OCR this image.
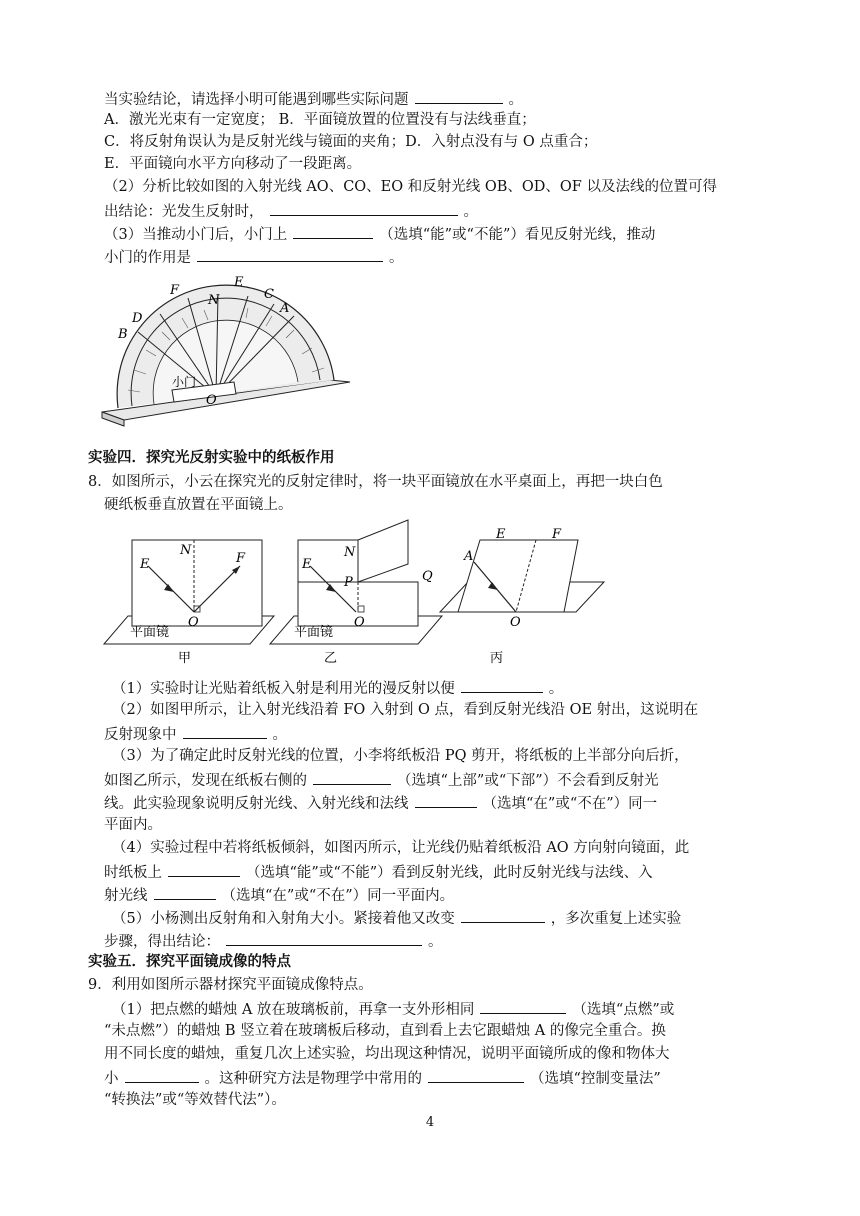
当实验结论，请选择小明可能遇到哪些实际问题	。
A．激光光束有一定宽度； B．平面镜放置的位置没有与法线垂直；
C．将反射角误认为是反射光线与镜面的夹角；D．入射点没有与 O 点重合；
E．平面镜向水平方向移动了一段距离。
（2）分析比较如图的入射光线 AO、CO、EO 和反射光线 OB、OD、OF 以及法线的位置可得
出结论：光发生反射时，	。
（3）当推动小门后，小门上	（选填“能”或“不能”）看见反射光线，推动
小门的作用是	。
F
E
N	C
A
D
B
小门
O
实验四．探究光反射实验中的纸板作用
8．如图所示，小云在探究光的反射定律时，将一块平面镜放在水平桌面上，再把一块白色
硬纸板垂直放置在平面镜上。
E
N
F
O
平面镜
甲
E
N
P	Q
O
平面镜
乙
E	F
A
O
丙
（1）实验时让光贴着纸板入射是利用光的漫反射以便	。
（2）如图甲所示，让入射光线沿着 FO 入射到 O 点，看到反射光线沿 OE 射出，这说明在
反射现象中	。
（3）为了确定此时反射光线的位置，小李将纸板沿 PQ 剪开，将纸板的上半部分向后折，
如图乙所示，发现在纸板右侧的	（选填“上部”或“下部”）不会看到反射光
线。此实验现象说明反射光线、入射光线和法线	（选填“在”或“不在”）同一
平面内。
（4）实验过程中若将纸板倾斜，如图丙所示，让光线仍贴着纸板沿 AO 方向射向镜面，此
时纸板上	（选填“能”或“不能”）看到反射光线，此时反射光线与法线、入
射光线	（选填“在”或“不在”）同一平面内。
（5）小杨测出反射角和入射角大小。紧接着他又改变	，多次重复上述实验
步骤，得出结论：	。
实验五．探究平面镜成像的特点
9．利用如图所示器材探究平面镜成像特点。
（1）把点燃的蜡烛 A 放在玻璃板前，再拿一支外形相同	（选填“点燃”或
“未点燃”）的蜡烛 B 竖立着在玻璃板后移动，直到看上去它跟蜡烛 A 的像完全重合。换
用不同长度的蜡烛，重复几次上述实验，均出现这种情况，说明平面镜所成的像和物体大
小	。这种研究方法是物理学中常用的	（选填“控制变量法”
“转换法”或“等效替代法”）。
4
